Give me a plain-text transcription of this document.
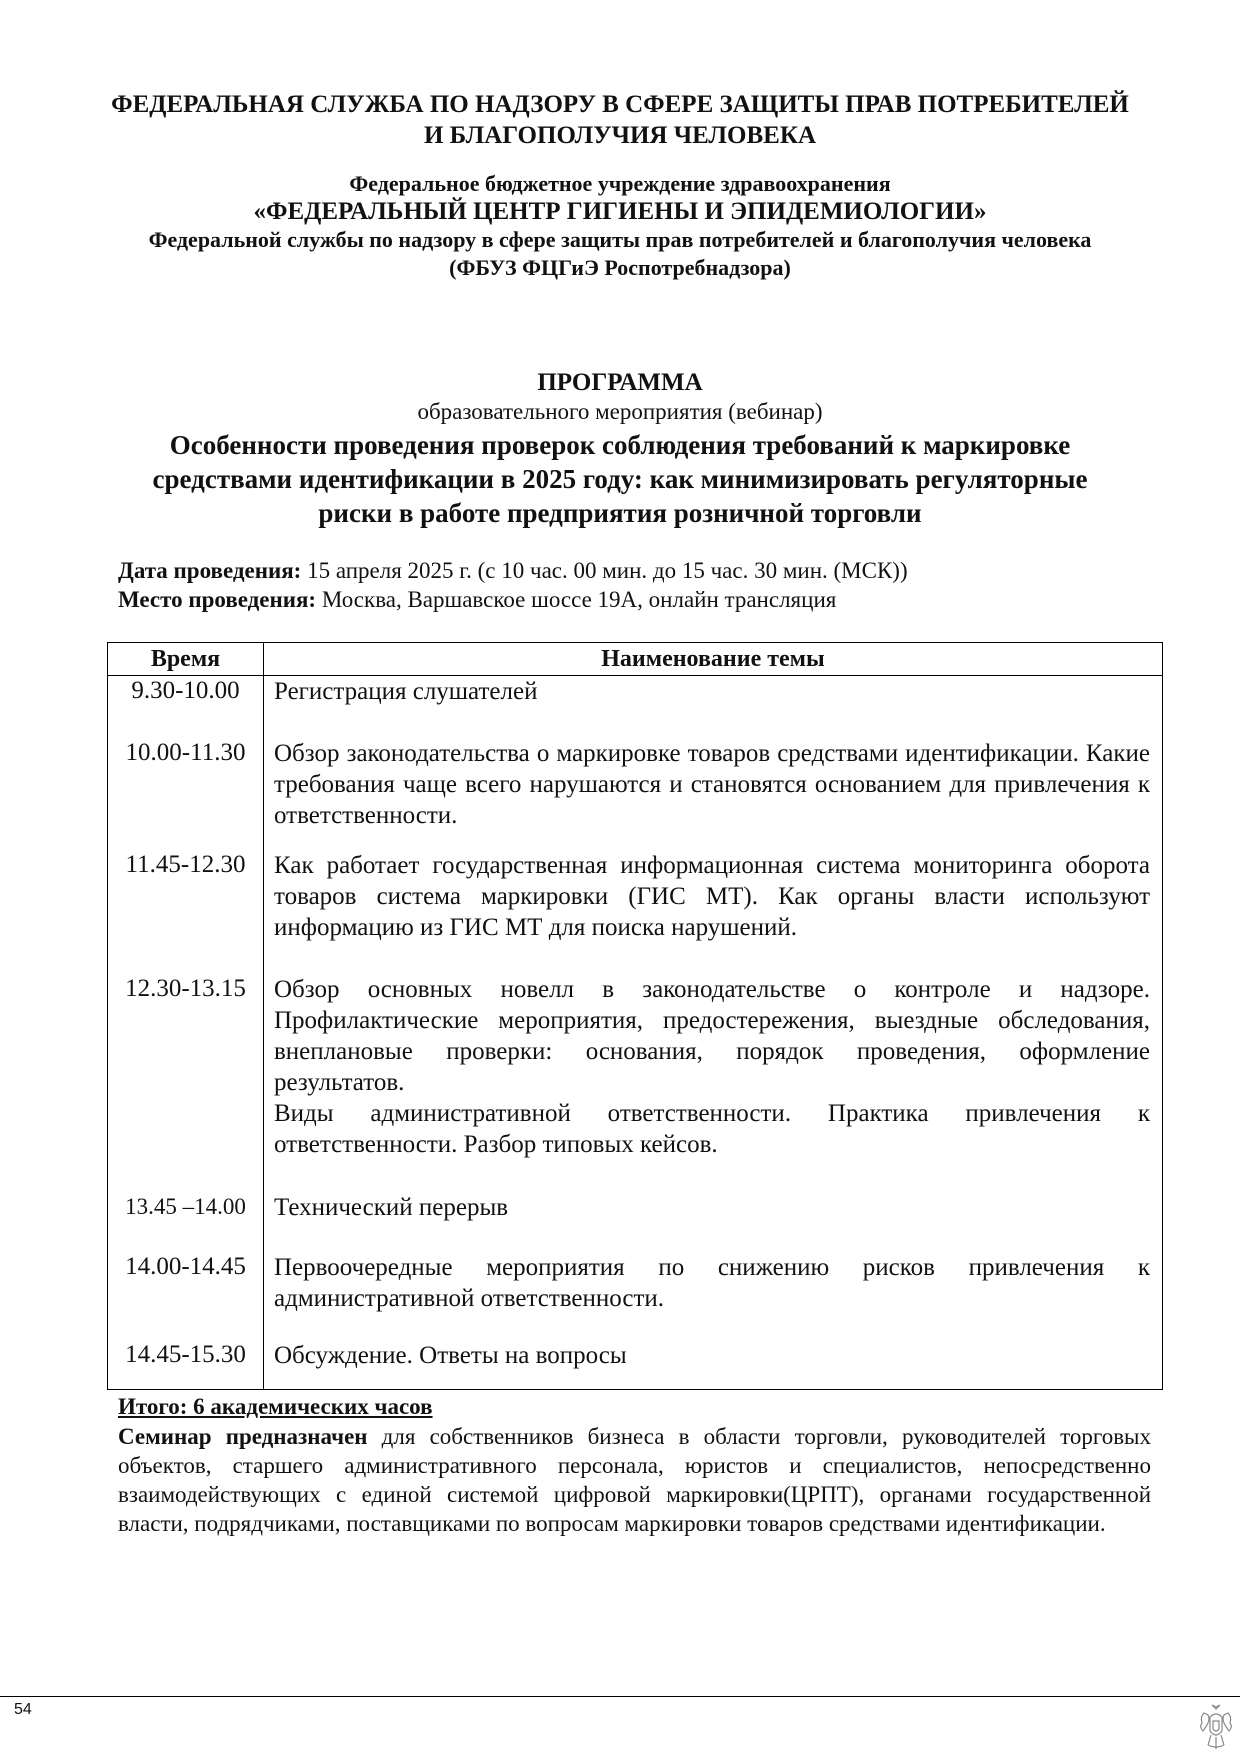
ФЕДЕРАЛЬНАЯ СЛУЖБА ПО НАДЗОРУ В СФЕРЕ ЗАЩИТЫ ПРАВ ПОТРЕБИТЕЛЕЙ
И БЛАГОПОЛУЧИЯ ЧЕЛОВЕКА
Федеральное бюджетное учреждение здравоохранения
«ФЕДЕРАЛЬНЫЙ ЦЕНТР ГИГИЕНЫ И ЭПИДЕМИОЛОГИИ»
Федеральной службы по надзору в сфере защиты прав потребителей и благополучия человека
(ФБУЗ ФЦГиЭ Роспотребнадзора)
ПРОГРАММА
образовательного мероприятия (вебинар)
Особенности проведения проверок соблюдения требований к маркировке
средствами идентификации в 2025 году: как минимизировать регуляторные
риски в работе предприятия розничной торговли
Дата проведения: 15 апреля 2025 г. (с 10 час. 00 мин. до 15 час. 30 мин. (МСК))
Место проведения: Москва, Варшавское шоссе 19А, онлайн трансляция
Время	Наименование темы
9.30-10.00	Регистрация слушателей

10.00-11.30	Обзор законодательства о маркировке товаров средствами идентификации. Какие требования чаще всего нарушаются и становятся основанием для привлечения к ответственности.

11.45-12.30	Как работает государственная информационная система мониторинга оборота товаров система маркировки (ГИС МТ). Как органы власти используют информацию из ГИС МТ для поиска нарушений.

12.30-13.15	Обзор основных новелл в законодательстве о контроле и надзоре. Профилактические мероприятия, предостережения, выездные обследования, внеплановые проверки: основания, порядок проведения, оформление результатов.
Виды административной ответственности. Практика привлечения к ответственности. Разбор типовых кейсов.

13.45 –14.00	Технический перерыв

14.00-14.45	Первоочередные мероприятия по снижению рисков привлечения к административной ответственности.

14.45-15.30	Обсуждение. Ответы на вопросы
Итого: 6 академических часов
Семинар предназначен для собственников бизнеса в области торговли, руководителей торговых объектов, старшего административного персонала, юристов и специалистов, непосредственно взаимодействующих с единой системой цифровой маркировки(ЦРПТ), органами государственной власти, подрядчиками, поставщиками по вопросам маркировки товаров средствами идентификации.
54
